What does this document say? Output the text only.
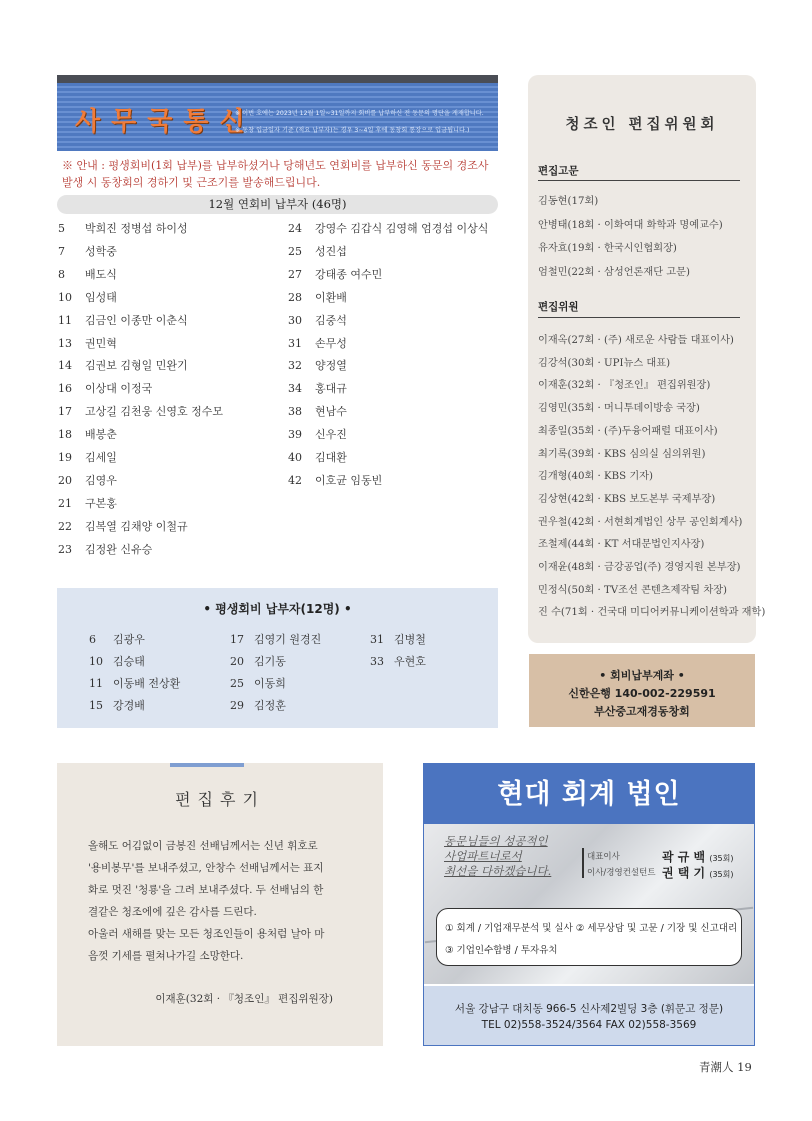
사무국통신
※ 이번 호에는 2023년 12월 1일~31일까지 회비를 납부하신 전 동문의 명단을 게재합니다.
※ 동창 입금일자 기준 (적요 납부자)는 경우 3~4일 후에 동창회 통장으로 입금됩니다.)
※ 안내 : 평생회비(1회 납부)를 납부하셨거나 당해년도 연회비를 납부하신 동문의 경조사 발생 시 동창회의 경하기 및 근조기를 발송해드립니다.
12월 연회비 납부자 (46명)
5 박희진 정병섭 하이성
7 성학중
8 배도식
10 임성태
11 김금인 이종만 이춘식
13 권민혁
14 김권보 김형일 민완기
16 이상대 이정국
17 고상길 김천웅 신영호 정수모
18 배봉춘
19 김세일
20 김영우
21 구본홍
22 김복열 김채양 이철규
23 김정완 신유승
24 강영수 김갑식 김영해 엄경섭 이상식
25 성진섭
27 강태종 여수민
28 이환배
30 김중석
31 손무성
32 양정열
34 홍대규
38 현남수
39 신우진
40 김대환
42 이호균 임동빈
• 평생회비 납부자(12명) •
6 김광우
10 김승태
11 이동배 전상환
15 강경배
17 김영기 원경진
20 김기동
25 이동희
29 김정훈
31 김병철
33 우현호
청조인 편집위원회
편집고문
김동현(17회)
안병태(18회 · 이화여대 화학과 명예교수)
유자효(19회 · 한국시인협회장)
엄철민(22회 · 삼성언론재단 고문)
편집위원
이재옥(27회 · (주) 새로운 사람들 대표이사)
김강석(30회 · UPI뉴스 대표)
이재훈(32회 · 『청조인』 편집위원장)
김영민(35회 · 머니투데이방송 국장)
최종일(35회 · (주)두융어패럴 대표이사)
최기록(39회 · KBS 심의실 심의위원)
김개형(40회 · KBS 기자)
김상현(42회 · KBS 보도본부 국제부장)
권우철(42회 · 서현회계법인 상무 공인회계사)
조철제(44회 · KT 서대문법인지사장)
이재윤(48회 · 금강공업(주) 경영지원 본부장)
민정식(50회 · TV조선 콘텐츠제작팀 차장)
진 수(71회 · 건국대 미디어커뮤니케이션학과 재학)
• 회비납부계좌 •
신한은행 140-002-229591
부산중고재경동창회
편집후기
올해도 어김없이 금봉진 선배님께서는 신년 휘호로
'용비봉무'를 보내주셨고, 안창수 선배님께서는 표지
화로 멋진 '청룡'을 그려 보내주셨다. 두 선배님의 한
결같은 청조에에 깊은 감사를 드린다.
아울러 새해를 맞는 모든 청조인들이 용처럼 날아 마
음껏 기세를 펼쳐나가길 소망한다.
이재훈(32회 · 『청조인』 편집위원장)
현대 회계 법인
동문님들의 성공적인
사업파트너로서
최선을 다하겠습니다.
대표이사	곽 규 백 (35회)
이사/경영컨설턴트 권 택 기 (35회)
① 회계 / 기업재무분석 및 실사 ② 세무상담 및 고문 / 기장 및 신고대리
③ 기업인수합병 / 투자유치
서울 강남구 대치동 966-5 신사제2빌딩 3층 (휘문고 정문)
TEL 02)558-3524/3564 FAX 02)558-3569
青潮人 19
